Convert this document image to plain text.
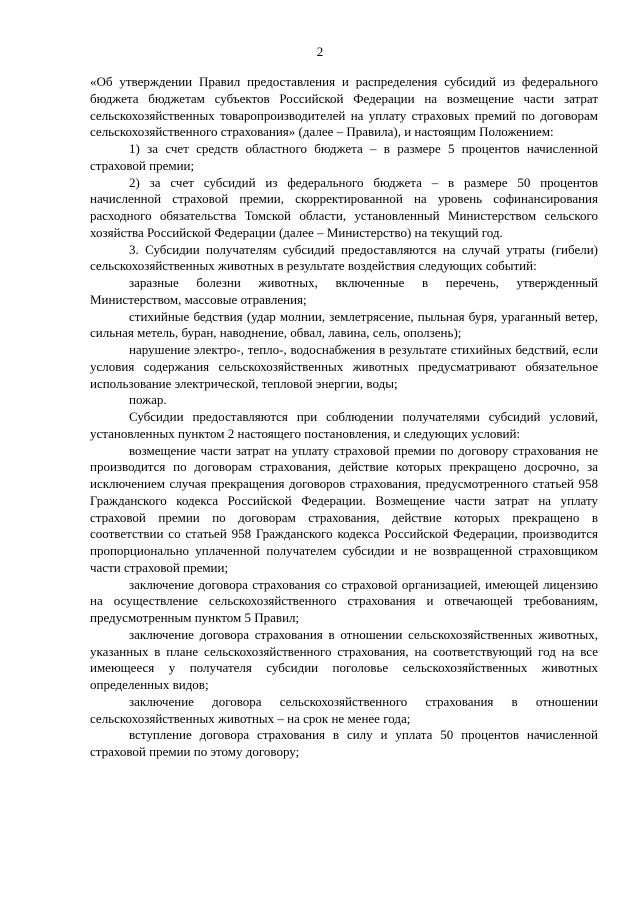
2

«Об утверждении Правил предоставления и распределения субсидий из федерального бюджета бюджетам субъектов Российской Федерации на возмещение части затрат сельскохозяйственных товаропроизводителей на уплату страховых премий по договорам сельскохозяйственного страхования» (далее – Правила), и настоящим Положением:

1) за счет средств областного бюджета – в размере 5 процентов начисленной страховой премии;

2) за счет субсидий из федерального бюджета – в размере 50 процентов начисленной страховой премии, скорректированной на уровень софинансирования расходного обязательства Томской области, установленный Министерством сельского хозяйства Российской Федерации (далее – Министерство) на текущий год.

3. Субсидии получателям субсидий предоставляются на случай утраты (гибели) сельскохозяйственных животных в результате воздействия следующих событий:

заразные болезни животных, включенные в перечень, утвержденный Министерством, массовые отравления;

стихийные бедствия (удар молнии, землетрясение, пыльная буря, ураганный ветер, сильная метель, буран, наводнение, обвал, лавина, сель, оползень);

нарушение электро-, тепло-, водоснабжения в результате стихийных бедствий, если условия содержания сельскохозяйственных животных предусматривают обязательное использование электрической, тепловой энергии, воды;

пожар.

Субсидии предоставляются при соблюдении получателями субсидий условий, установленных пунктом 2 настоящего постановления, и следующих условий:

возмещение части затрат на уплату страховой премии по договору страхования не производится по договорам страхования, действие которых прекращено досрочно, за исключением случая прекращения договоров страхования, предусмотренного статьей 958 Гражданского кодекса Российской Федерации. Возмещение части затрат на уплату страховой премии по договорам страхования, действие которых прекращено в соответствии со статьей 958 Гражданского кодекса Российской Федерации, производится пропорционально уплаченной получателем субсидии и не возвращенной страховщиком части страховой премии;

заключение договора страхования со страховой организацией, имеющей лицензию на осуществление сельскохозяйственного страхования и отвечающей требованиям, предусмотренным пунктом 5 Правил;

заключение договора страхования в отношении сельскохозяйственных животных, указанных в плане сельскохозяйственного страхования, на соответствующий год на все имеющееся у получателя субсидии поголовье сельскохозяйственных животных определенных видов;

заключение договора сельскохозяйственного страхования в отношении сельскохозяйственных животных – на срок не менее года;

вступление договора страхования в силу и уплата 50 процентов начисленной страховой премии по этому договору;
